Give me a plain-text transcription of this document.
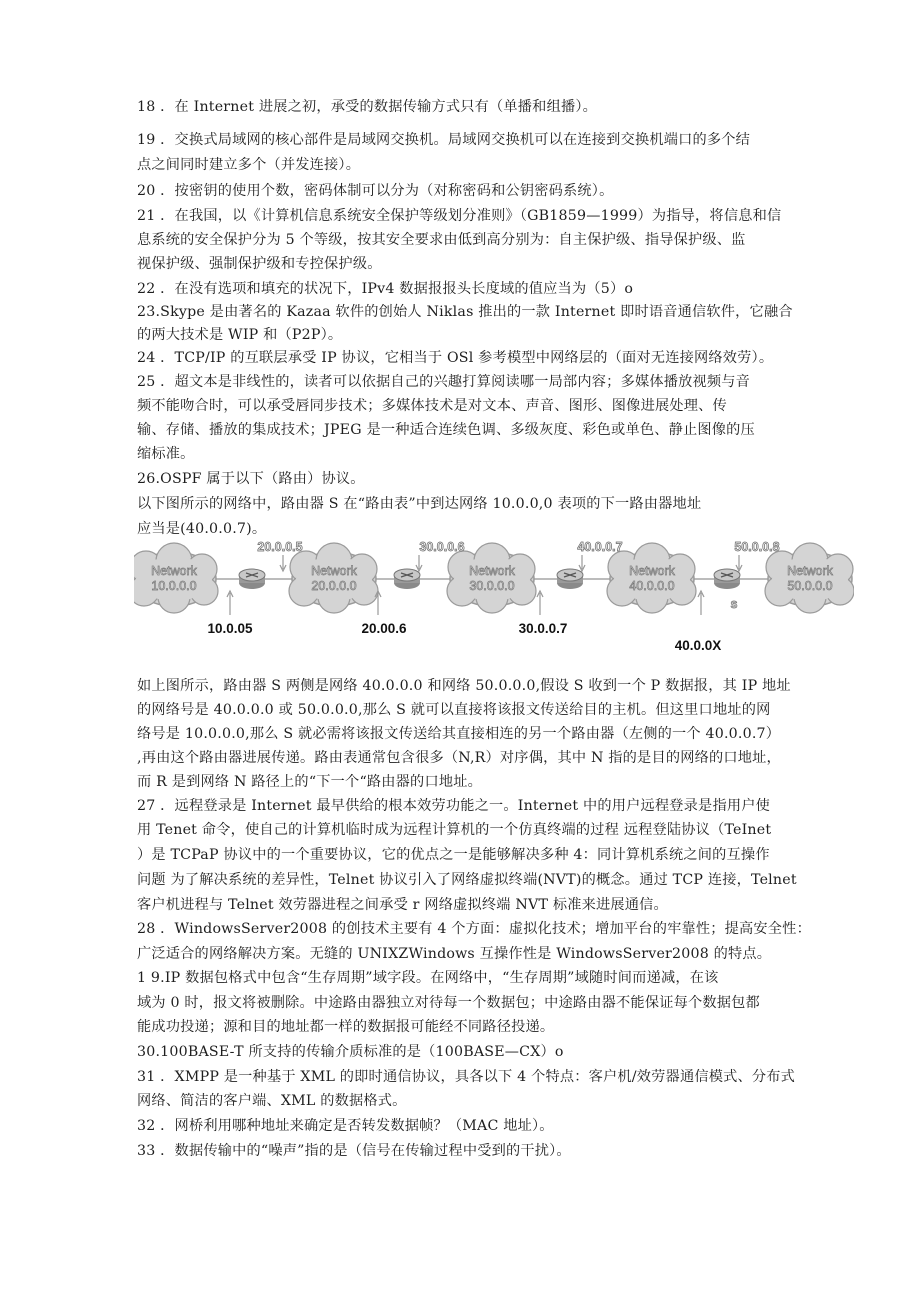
18 ．在 Internet 进展之初，承受的数据传输方式只有（单播和组播）。
19 ．交换式局域网的核心部件是局域网交换机。局域网交换机可以在连接到交换机端口的多个结
点之间同时建立多个（并发连接）。
20 ．按密钥的使用个数，密码体制可以分为（对称密码和公钥密码系统）。
21 ．在我国，以《计算机信息系统安全保护等级划分准则》（GB1859—1999）为指导，将信息和信
息系统的安全保护分为 5 个等级，按其安全要求由低到高分别为：自主保护级、指导保护级、监
视保护级、强制保护级和专控保护级。
22 ．在没有选项和填充的状况下，IPv4 数据报报头长度域的值应当为（5）o
23.Skype 是由著名的 Kazaa 软件的创始人 Niklas 推出的一款 Internet 即时语音通信软件，它融合
的两大技术是 WIP 和（P2P）。
24 ．TCP/IP 的互联层承受 IP 协议，它相当于 OSl 参考模型中网络层的（面对无连接网络效劳）。
25 ．超文本是非线性的，读者可以依据自己的兴趣打算阅读哪一局部内容；多媒体播放视频与音
频不能吻合时，可以承受唇同步技术；多媒体技术是对文本、声音、图形、图像进展处理、传
输、存储、播放的集成技术；JPEG 是一种适合连续色调、多级灰度、彩色或单色、静止图像的压
缩标准。
26.OSPF 属于以下（路由）协议。
以下图所示的网络中，路由器 S 在“路由表”中到达网络 10.0.0,0 表项的下一路由器地址
应当是(40.0.0.7)。
Network
10.0.0.0
Network
20.0.0.0
Network
30.0.0.0
Network
40.0.0.0
Network
50.0.0.0
20.0.0.5	30.0.0.6	40.0.0.7	50.0.0.8
s
10.0.05	20.00.6	30.0.0.7
40.0.0X
如上图所示，路由器 S 两侧是网络 40.0.0.0 和网络 50.0.0.0,假设 S 收到一个 P 数据报，其 IP 地址
的网络号是 40.0.0.0 或 50.0.0.0,那么 S 就可以直接将该报文传送给目的主机。但这里口地址的网
络号是 10.0.0.0,那么 S 就必需将该报文传送给其直接相连的另一个路由器（左侧的一个 40.0.0.7）
,再由这个路由器进展传递。路由表通常包含很多（N,R）对序偶，其中 N 指的是目的网络的口地址，
而 R 是到网络 N 路径上的“下一个“路由器的口地址。
27 ．远程登录是 Internet 最早供给的根本效劳功能之一。Internet 中的用户远程登录是指用户使
用 Tenet 命令，使自己的计算机临时成为远程计算机的一个仿真终端的过程 远程登陆协议（TeInet
）是 TCPaP 协议中的一个重要协议，它的优点之一是能够解决多种 4：同计算机系统之间的互操作
问题 为了解决系统的差异性，Telnet 协议引入了网络虚拟终端(NVT)的概念。通过 TCP 连接，Telnet
客户机进程与 Telnet 效劳器进程之间承受 r 网络虚拟终端 NVT 标准来进展通信。
28 ．WindowsServer2008 的创技术主要有 4 个方面：虚拟化技术；增加平台的牢靠性；提高安全性：
广泛适合的网络解决方案。无缝的 UNIXZWindows 互操作性是 WindowsServer2008 的特点。
1 9.IP 数据包格式中包含“生存周期”域字段。在网络中，“生存周期”域随时间而递减，在该
域为 0 时，报文将被删除。中途路由器独立对待每一个数据包；中途路由器不能保证每个数据包都
能成功投递；源和目的地址都一样的数据报可能经不同路径投递。
30.100BASE-T 所支持的传输介质标准的是（100BASE—CX）o
31 ．XMPP 是一种基于 XML 的即时通信协议，具各以下 4 个特点：客户机/效劳器通信模式、分布式
网络、简洁的客户端、XML 的数据格式。
32 ．网桥利用哪种地址来确定是否转发数据帧？（MAC 地址）。
33 ．数据传输中的“噪声”指的是（信号在传输过程中受到的干扰）。
